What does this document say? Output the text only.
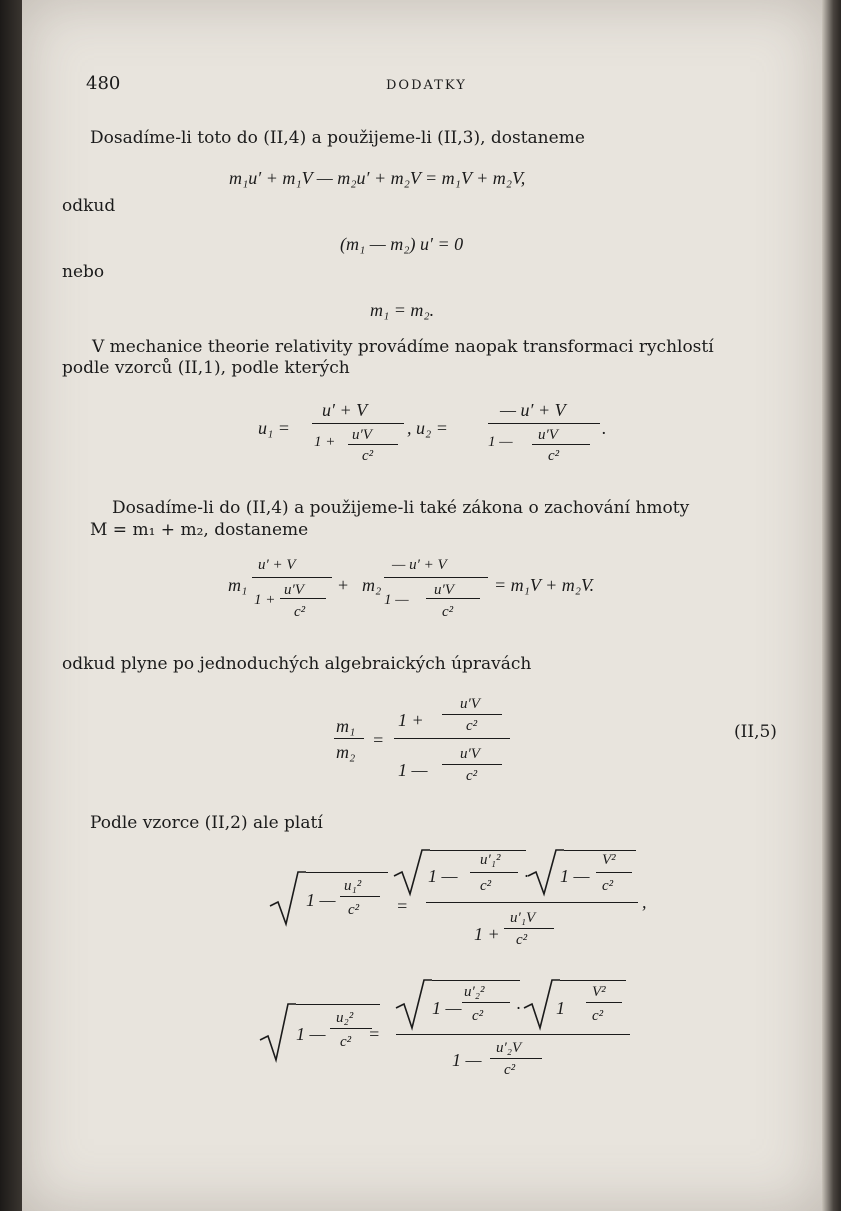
480	DODATKY
Dosadíme-li toto do (II,4) a použijeme-li (II,3), dostaneme
m₁u′ + m₁V — m₂u′ + m₂V = m₁V + m₂V,
odkud
(m₁ — m₂) u′ = 0
nebo
m₁ = m₂.
V mechanice theorie relativity provádíme naopak transformaci rychlostí
podle vzorců (II,1), podle kterých
u₁ =
u′ + V
1 + u′V
c²
, u₂ =
— u′ + V
1 — u′V
c²
.
Dosadíme-li do (II,4) a použijeme-li také zákona o zachování hmoty
M = m₁ + m₂, dostaneme
m₁
u′ + V
1 +
u′V
c²
+ m₂
— u′ + V
1 —
u′V
c²
= m₁V + m₂V.
odkud plyne po jednoduchých algebraických úpravách
m₁
m₂
=
1 +
u′V
c²
1 —
u′V
c²
(II,5)
Podle vzorce (II,2) ale platí
1 —
u₁²
c² =
1 —
u′₁²
c² · 1 —
V²
c²
,
1 +
u′₁V
c²
1 —
u₂²
c² =
1 —
u′₂²
c² · 1
V²
c²
1 —
u′₂V
c²
